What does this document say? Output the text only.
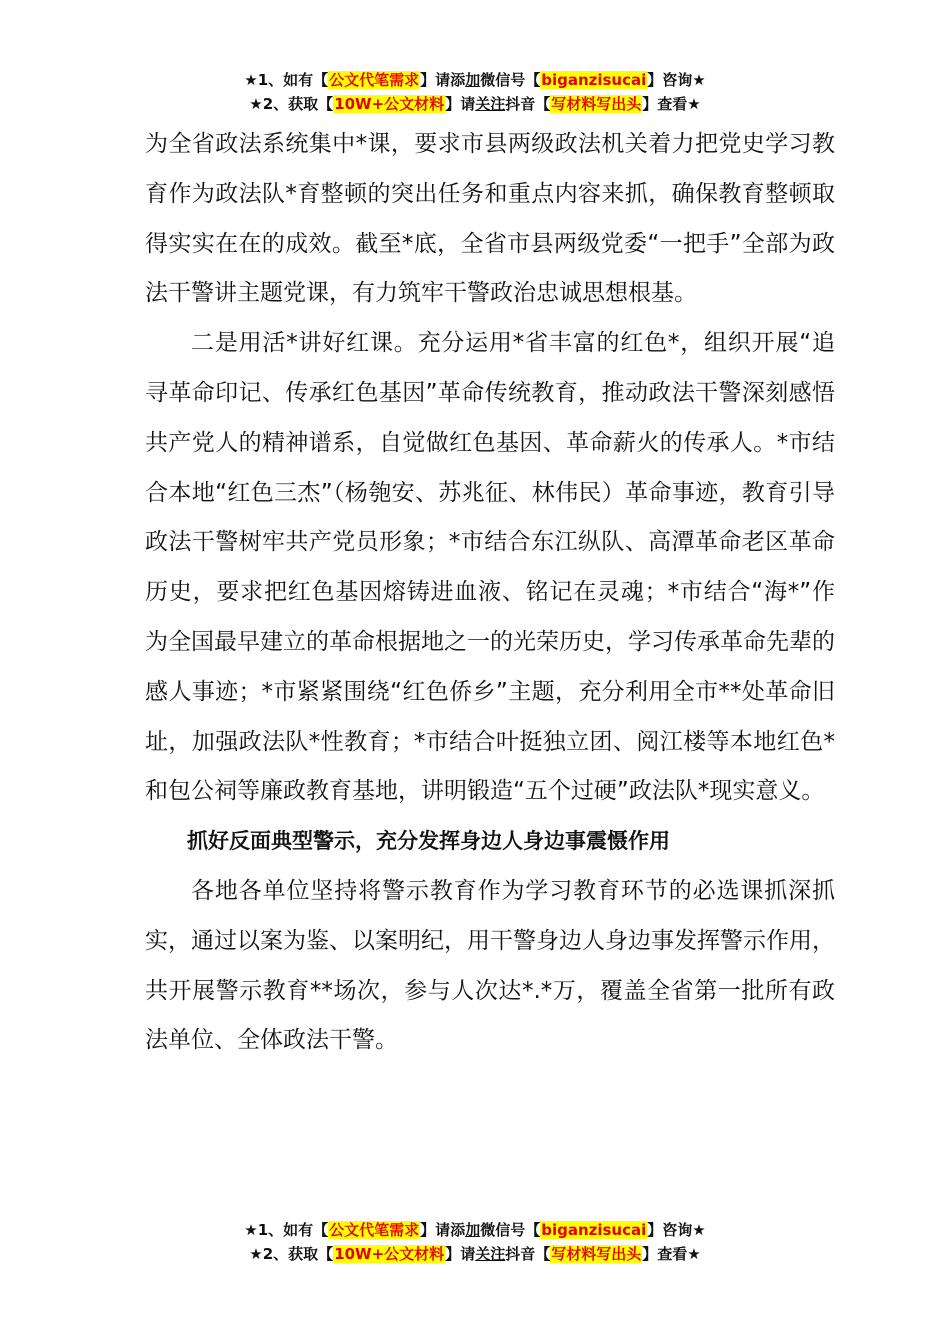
★1、如有【公文代笔需求】请添加微信号【biganzisucai】咨询★
★2、获取【10W+公文材料】请关注抖音【写材料写出头】查看★

为全省政法系统集中*课，要求市县两级政法机关着力把党史学习教育作为政法队*育整顿的突出任务和重点内容来抓，确保教育整顿取得实实在在的成效。截至*底，全省市县两级党委“一把手”全部为政法干警讲主题党课，有力筑牢干警政治忠诚思想根基。

二是用活*讲好红课。充分运用*省丰富的红色*，组织开展“追寻革命印记、传承红色基因”革命传统教育，推动政法干警深刻感悟共产党人的精神谱系，自觉做红色基因、革命薪火的传承人。*市结合本地“红色三杰”（杨匏安、苏兆征、林伟民）革命事迹，教育引导政法干警树牢共产党员形象；*市结合东江纵队、高潭革命老区革命历史，要求把红色基因熔铸进血液、铭记在灵魂；*市结合“海*”作为全国最早建立的革命根据地之一的光荣历史，学习传承革命先辈的感人事迹；*市紧紧围绕“红色侨乡”主题，充分利用全市**处革命旧址，加强政法队*性教育；*市结合叶挺独立团、阅江楼等本地红色*和包公祠等廉政教育基地，讲明锻造“五个过硬”政法队*现实意义。

抓好反面典型警示，充分发挥身边人身边事震慑作用

各地各单位坚持将警示教育作为学习教育环节的必选课抓深抓实，通过以案为鉴、以案明纪，用干警身边人身边事发挥警示作用，共开展警示教育**场次，参与人次达*.*万，覆盖全省第一批所有政法单位、全体政法干警。

★1、如有【公文代笔需求】请添加微信号【biganzisucai】咨询★
★2、获取【10W+公文材料】请关注抖音【写材料写出头】查看★
